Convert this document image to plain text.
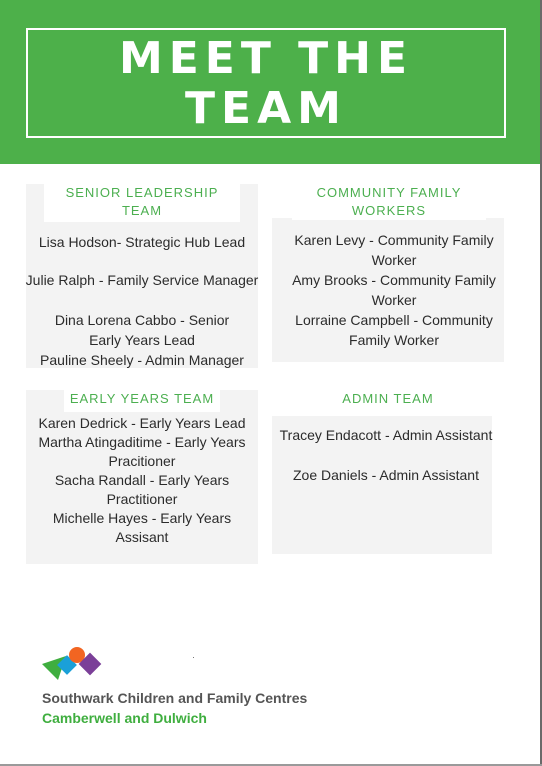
MEET THE
TEAM
SENIOR LEADERSHIP
TEAM
Lisa Hodson- Strategic Hub Lead
Julie Ralph - Family Service Manager
Dina Lorena Cabbo - Senior Early Years Lead
Pauline Sheely - Admin Manager
COMMUNITY FAMILY
WORKERS
Karen Levy - Community Family Worker
Amy Brooks - Community Family Worker
Lorraine Campbell - Community Family Worker
EARLY YEARS TEAM
Karen Dedrick - Early Years Lead
Martha Atingaditime - Early Years Pracitioner
Sacha Randall - Early Years Practitioner
Michelle Hayes - Early Years Assisant
ADMIN TEAM
Tracey Endacott - Admin Assistant
Zoe Daniels - Admin Assistant
Southwark Children and Family Centres
Camberwell and Dulwich
